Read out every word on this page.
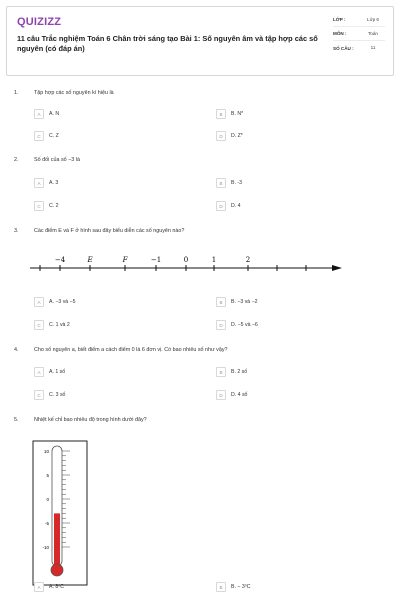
QUIZIZZ
11 câu Trắc nghiệm Toán 6 Chân trời sáng tạo Bài 1: Số nguyên âm và tập hợp các số nguyên (có đáp án)
LỚP :	Lớp 6
MÔN :	Toán
SỐ CÂU :	11
1.	Tập hợp các số nguyên kí hiệu là
A	A. N	B	B. N*
C	C. Z	D	D. Z*
2.	Số đối của số −3 là
A	A. 3	B	B. -3
C	C. 2	D	D. 4
3.	Các điểm E và F ở hình sau đây biểu diễn các số nguyên nào?
−4	E	F	−1	0	1	2
A	A. −3 và −5	B	B. −3 và −2
C	C. 1 và 2	D	D. −5 và −6
4.	Cho số nguyên a, biết điểm a cách điểm 0 là 6 đơn vị. Có bao nhiêu số như vậy?
A	A. 1 số	B	B. 2 số
C	C. 3 số	D	D. 4 số
5.	Nhiệt kế chỉ bao nhiêu độ trong hình dưới đây?
10
5
0
-5
-10
A	A. 8⁰C	B	B. − 3⁰C
